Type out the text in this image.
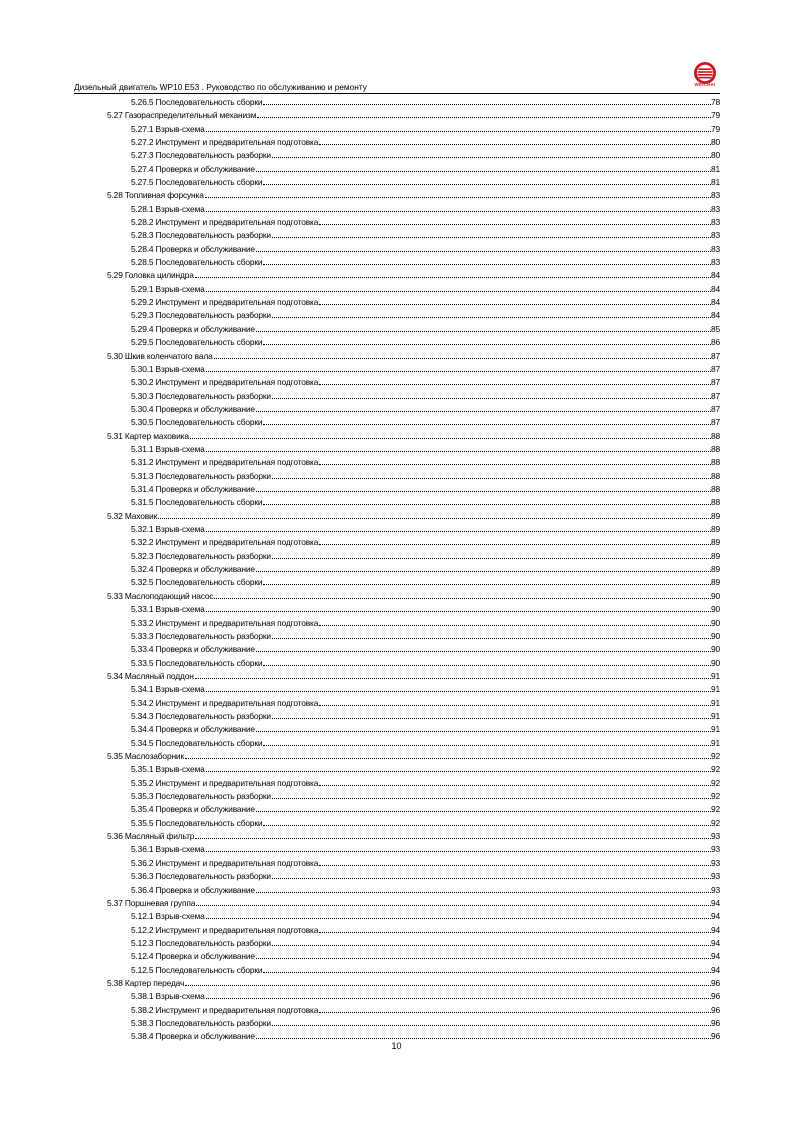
Дизельный двигатель WP10 E53 . Руководство по обслуживанию и ремонту	WEICHAI
5.26.5 Последовательность сборки	78
5.27 Газораспределительный механизм	79
5.27.1 Взрыв-схема	79
5.27.2 Инструмент и предварительная подготовка	80
5.27.3 Последовательность разборки	80
5.27.4 Проверка и обслуживание	81
5.27.5 Последовательность сборки	81
5.28 Топливная форсунка	83
5.28.1 Взрыв-схема	83
5.28.2 Инструмент и предварительная подготовка	83
5.28.3 Последовательность разборки	83
5.28.4 Проверка и обслуживание	83
5.28.5 Последовательность сборки	83
5.29 Головка цилиндра	84
5.29.1 Взрыв-схема	84
5.29.2 Инструмент и предварительная подготовка	84
5.29.3 Последовательность разборки	84
5.29.4 Проверка и обслуживание	85
5.29.5 Последовательность сборки	86
5.30 Шкив коленчатого вала	87
5.30.1 Взрыв-схема	87
5.30.2 Инструмент и предварительная подготовка	87
5.30.3 Последовательность разборки	87
5.30.4 Проверка и обслуживание	87
5.30.5 Последовательность сборки	87
5.31 Картер маховика	88
5.31.1 Взрыв-схема	88
5.31.2 Инструмент и предварительная подготовка	88
5.31.3 Последовательность разборки	88
5.31.4 Проверка и обслуживание	88
5.31.5 Последовательность сборки	88
5.32 Маховик	89
5.32.1 Взрыв-схема	89
5.32.2 Инструмент и предварительная подготовка	89
5.32.3 Последовательность разборки	89
5.32.4 Проверка и обслуживание	89
5.32.5 Последовательность сборки	89
5.33 Маслоподающий насос	90
5.33.1 Взрыв-схема	90
5.33.2 Инструмент и предварительная подготовка	90
5.33.3 Последовательность разборки	90
5.33.4 Проверка и обслуживание	90
5.33.5 Последовательность сборки	90
5.34 Масляный поддон	91
5.34.1 Взрыв-схема	91
5.34.2 Инструмент и предварительная подготовка	91
5.34.3 Последовательность разборки	91
5.34.4 Проверка и обслуживание	91
5.34.5 Последовательность сборки	91
5.35 Маслозаборник	92
5.35.1 Взрыв-схема	92
5.35.2 Инструмент и предварительная подготовка	92
5.35.3 Последовательность разборки	92
5.35.4 Проверка и обслуживание	92
5.35.5 Последовательность сборки	92
5.36 Масляный фильтр	93
5.36.1 Взрыв-схема	93
5.36.2 Инструмент и предварительная подготовка	93
5.36.3 Последовательность разборки	93
5.36.4 Проверка и обслуживание	93
5.37 Поршневая группа	94
5.12.1 Взрыв-схема	94
5.12.2 Инструмент и предварительная подготовка	94
5.12.3 Последовательность разборки	94
5.12.4 Проверка и обслуживание	94
5.12.5 Последовательность сборки	94
5.38 Картер передач	96
5.38.1 Взрыв-схема	96
5.38.2 Инструмент и предварительная подготовка	96
5.38.3 Последовательность разборки	96
5.38.4 Проверка и обслуживание	96
10
